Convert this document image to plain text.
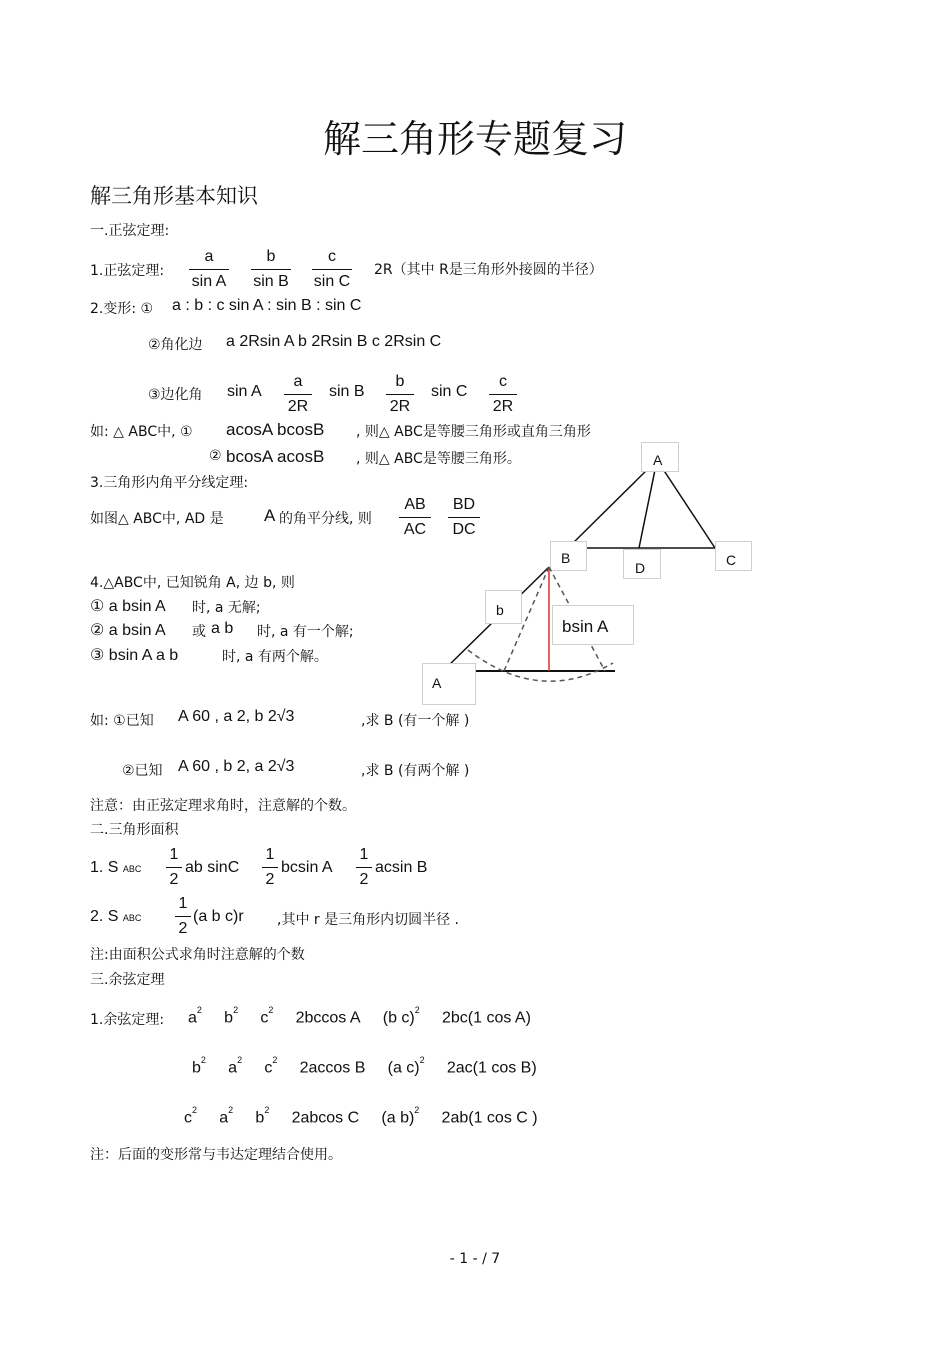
解三角形专题复习
解三角形基本知识
一.正弦定理:
1.正弦定理:
a
sin A
b
sin B
c
sin C
2R（其中 R是三角形外接圆的半径）
2.变形: ① a : b : c sin A : sin B : sin C
②角化边 a 2Rsin A b 2Rsin B c 2Rsin C
③边化角 sin A
a
2R
sin B
b
2R
sin C
c
2R
如: △ ABC中, ① acosA bcosB , 则△ ABC是等腰三角形或直角三角形
② bcosA acosB , 则△ ABC是等腰三角形。
3.三角形内角平分线定理:
如图△ ABC中, AD 是 A 的角平分线, 则
AB
AC
BD
DC
A
B
D	C
4.△ABC中, 已知锐角 A, 边 b, 则
① a bsin A 时, a 无解;
② a bsin A 或 a b 时, a 有一个解;
③ bsin A a b	时, a 有两个解。
b
bsin A
A
如: ①已知 A 60 , a 2, b 2√3	,求 B (有一个解 )
②已知 A 60 , b 2, a 2√3	,求 B (有两个解 )
注意：由正弦定理求角时，注意解的个数。
二.三角形面积
1. S ABC
1
2
ab sinC
1
2
bcsin A
1
2
acsin B
2. S ABC
1
2
(a b c)r ,其中 r 是三角形内切圆半径 .
注:由面积公式求角时注意解的个数
三.余弦定理
1.余弦定理: $a^2$ $b^2$ $c^2$ 2bccos A (b c)$^2$ 2bc(1 cos A)
$b^2$ $a^2$ $c^2$ 2accos B (a c)$^2$ 2ac(1 cos B)
$c^2$ $a^2$ $b^2$ 2abcos C (a b)$^2$ 2ab(1 cos C )
注：后面的变形常与韦达定理结合使用。
- 1 - / 7
